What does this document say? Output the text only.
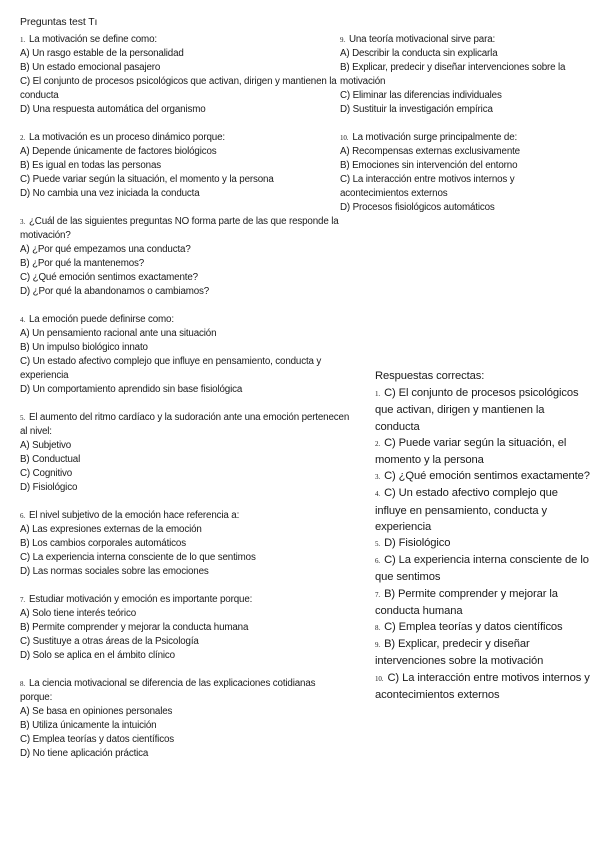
Preguntas test Tı
1. La motivación se define como:
A) Un rasgo estable de la personalidad
B) Un estado emocional pasajero
C) El conjunto de procesos psicológicos que activan, dirigen y mantienen la conducta
D) Una respuesta automática del organismo
2. La motivación es un proceso dinámico porque:
A) Depende únicamente de factores biológicos
B) Es igual en todas las personas
C) Puede variar según la situación, el momento y la persona
D) No cambia una vez iniciada la conducta
3. ¿Cuál de las siguientes preguntas NO forma parte de las que responde la motivación?
A) ¿Por qué empezamos una conducta?
B) ¿Por qué la mantenemos?
C) ¿Qué emoción sentimos exactamente?
D) ¿Por qué la abandonamos o cambiamos?
4. La emoción puede definirse como:
A) Un pensamiento racional ante una situación
B) Un impulso biológico innato
C) Un estado afectivo complejo que influye en pensamiento, conducta y experiencia
D) Un comportamiento aprendido sin base fisiológica
5. El aumento del ritmo cardíaco y la sudoración ante una emoción pertenecen al nivel:
A) Subjetivo
B) Conductual
C) Cognitivo
D) Fisiológico
6. El nivel subjetivo de la emoción hace referencia a:
A) Las expresiones externas de la emoción
B) Los cambios corporales automáticos
C) La experiencia interna consciente de lo que sentimos
D) Las normas sociales sobre las emociones
7. Estudiar motivación y emoción es importante porque:
A) Solo tiene interés teórico
B) Permite comprender y mejorar la conducta humana
C) Sustituye a otras áreas de la Psicología
D) Solo se aplica en el ámbito clínico
8. La ciencia motivacional se diferencia de las explicaciones cotidianas porque:
A) Se basa en opiniones personales
B) Utiliza únicamente la intuición
C) Emplea teorías y datos científicos
D) No tiene aplicación práctica
9. Una teoría motivacional sirve para:
A) Describir la conducta sin explicarla
B) Explicar, predecir y diseñar intervenciones sobre la motivación
C) Eliminar las diferencias individuales
D) Sustituir la investigación empírica
10. La motivación surge principalmente de:
A) Recompensas externas exclusivamente
B) Emociones sin intervención del entorno
C) La interacción entre motivos internos y acontecimientos externos
D) Procesos fisiológicos automáticos
Respuestas correctas:
1. C) El conjunto de procesos psicológicos que activan, dirigen y mantienen la conducta
2. C) Puede variar según la situación, el momento y la persona
3. C) ¿Qué emoción sentimos exactamente?
4. C) Un estado afectivo complejo que influye en pensamiento, conducta y experiencia
5. D) Fisiológico
6. C) La experiencia interna consciente de lo que sentimos
7. B) Permite comprender y mejorar la conducta humana
8. C) Emplea teorías y datos científicos
9. B) Explicar, predecir y diseñar intervenciones sobre la motivación
10. C) La interacción entre motivos internos y acontecimientos externos
